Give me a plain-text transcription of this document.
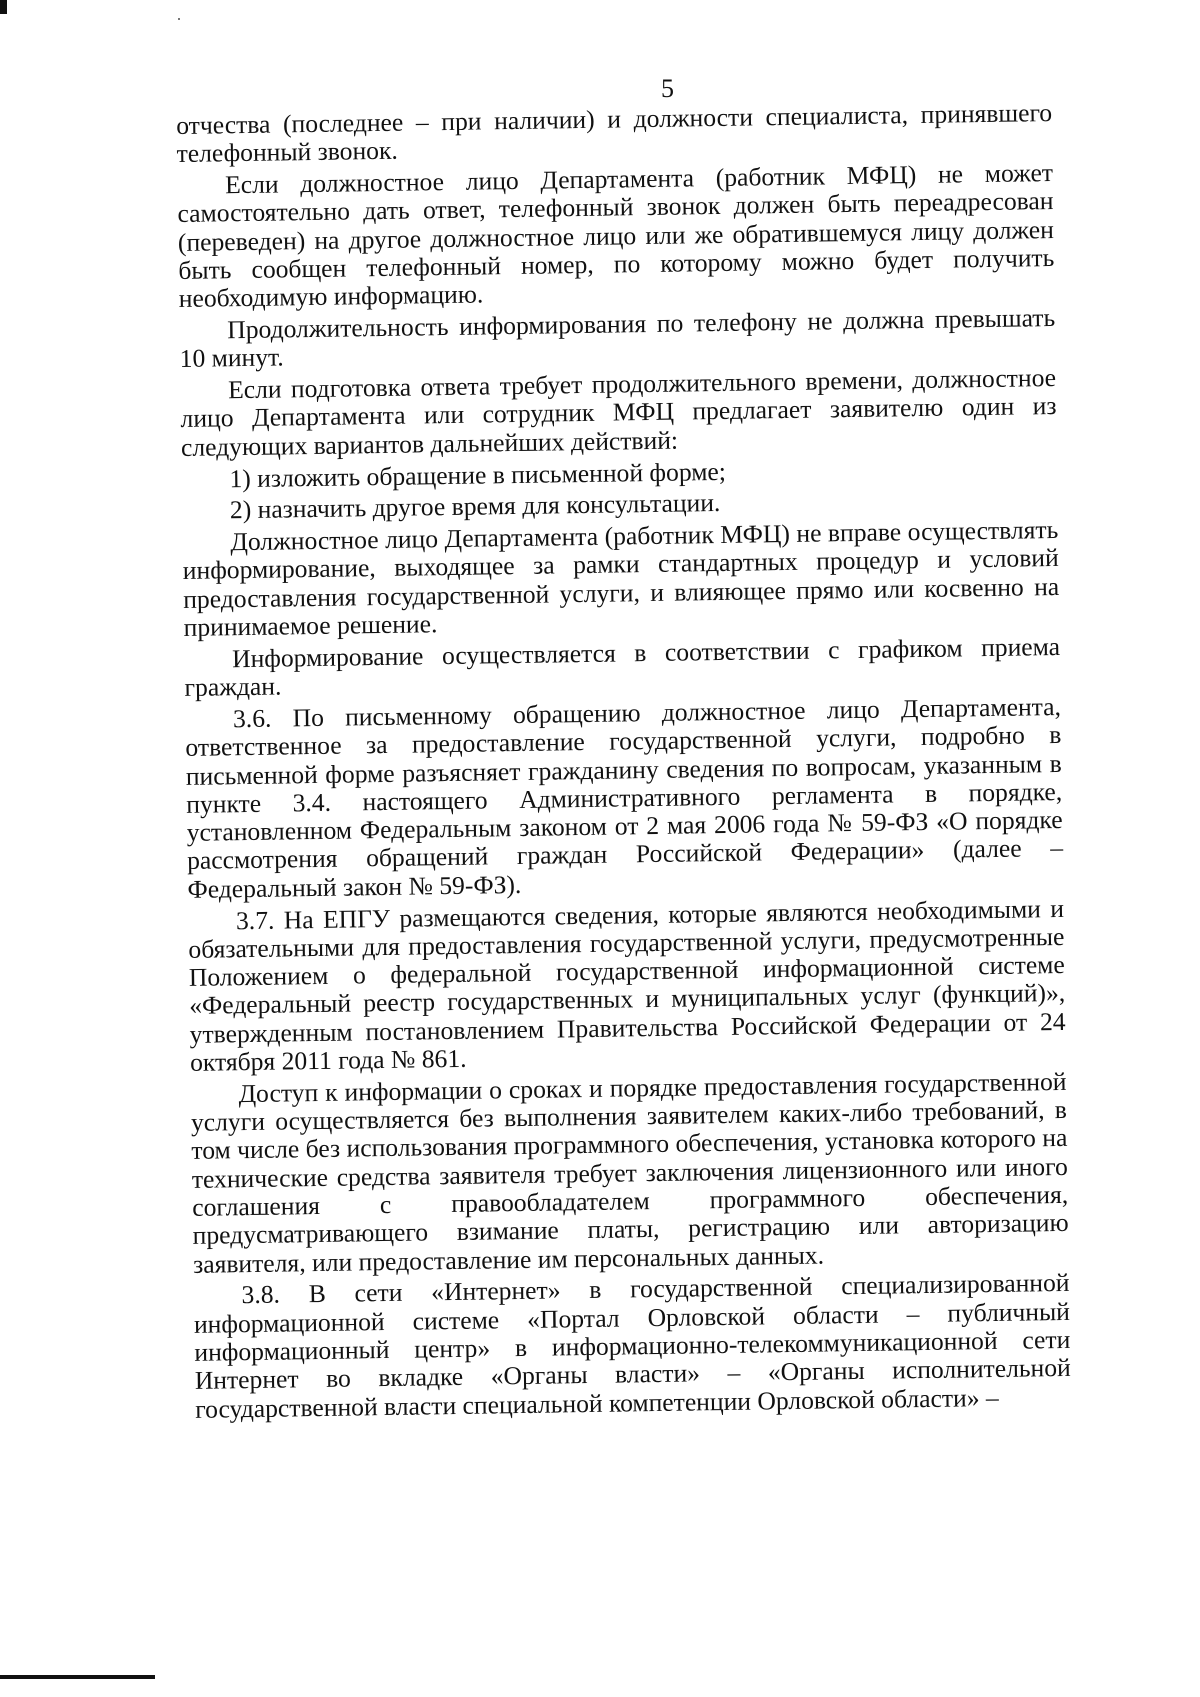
5

отчества (последнее – при наличии) и должности специалиста, принявшего телефонный звонок.

Если должностное лицо Департамента (работник МФЦ) не может самостоятельно дать ответ, телефонный звонок должен быть переадресован (переведен) на другое должностное лицо или же обратившемуся лицу должен быть сообщен телефонный номер, по которому можно будет получить необходимую информацию.

Продолжительность информирования по телефону не должна превышать 10 минут.

Если подготовка ответа требует продолжительного времени, должностное лицо Департамента или сотрудник МФЦ предлагает заявителю один из следующих вариантов дальнейших действий:

1) изложить обращение в письменной форме;

2) назначить другое время для консультации.

Должностное лицо Департамента (работник МФЦ) не вправе осуществлять информирование, выходящее за рамки стандартных процедур и условий предоставления государственной услуги, и влияющее прямо или косвенно на принимаемое решение.

Информирование осуществляется в соответствии с графиком приема граждан.

3.6. По письменному обращению должностное лицо Департамента, ответственное за предоставление государственной услуги, подробно в письменной форме разъясняет гражданину сведения по вопросам, указанным в пункте 3.4. настоящего Административного регламента в порядке, установленном Федеральным законом от 2 мая 2006 года № 59-ФЗ «О порядке рассмотрения обращений граждан Российской Федерации» (далее – Федеральный закон № 59-ФЗ).

3.7. На ЕПГУ размещаются сведения, которые являются необходимыми и обязательными для предоставления государственной услуги, предусмотренные Положением о федеральной государственной информационной системе «Федеральный реестр государственных и муниципальных услуг (функций)», утвержденным постановлением Правительства Российской Федерации от 24 октября 2011 года № 861.

Доступ к информации о сроках и порядке предоставления государственной услуги осуществляется без выполнения заявителем каких-либо требований, в том числе без использования программного обеспечения, установка которого на технические средства заявителя требует заключения лицензионного или иного соглашения с правообладателем программного обеспечения, предусматривающего взимание платы, регистрацию или авторизацию заявителя, или предоставление им персональных данных.

3.8. В сети «Интернет» в государственной специализированной информационной системе «Портал Орловской области – публичный информационный центр» в информационно-телекоммуникационной сети Интернет во вкладке «Органы власти» – «Органы исполнительной государственной власти специальной компетенции Орловской области» –
